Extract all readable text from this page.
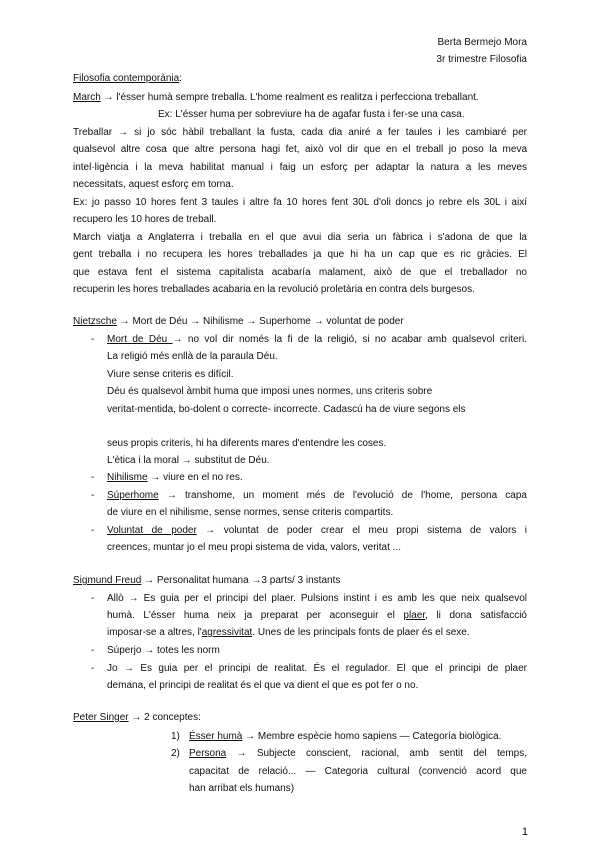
Berta Bermejo Mora
3r trimestre Filosofia
Filosofia contemporània:
March → l'ésser humà sempre treballa. L'home realment es realitza i perfecciona treballant.
Ex: L'ésser huma per sobreviure ha de agafar fusta i fer-se una casa.
Treballar → si jo sóc hàbil treballant la fusta, cada dia aniré a fer taules i les cambiaré per
qualsevol altre cosa que altre persona hagi fet, això vol dir que en el treball jo poso la meva
intel·ligència i la meva habilitat manual i faig un esforç per adaptar la natura a les meves
necessitats, aquest esforç em torna.
Ex: jo passo 10 hores fent 3 taules i altre fa 10 hores fent 30L d'oli doncs jo rebre els 30L i així
recupero les 10 hores de treball.
March viatja a Anglaterra i treballa en el que avui dia seria un fàbrica i s'adona de que la
gent treballa i no recupera les hores treballades ja que hi ha un cap que es ric gràcies. El
que estava fent el sistema capitalista acabaría malament, això de que el treballador no
recuperin les hores treballades acabaria en la revolució proletària en contra dels burgesos.
Nietzsche → Mort de Déu → Nihilisme → Superhome → voluntat de poder
Mort de Déu → no vol dir només la fi de la religió, si no acabar amb qualsevol criteri.
-
La religió més enllà de la paraula Déu.
Viure sense criteris es difícil.
Déu és qualsevol àmbit huma que imposi unes normes, uns criteris sobre
veritat-mentida, bo-dolent o correcte- incorrecte. Cadascú ha de viure segons els
seus propis criteris, hi ha diferents mares d'entendre les coses.
L'ètica i la moral → substitut de Déu.
Nihilisme → viure en el no res.
-
Súperhome → transhome, un moment més de l'evolució de l'home, persona capa
-
de viure en el nihilisme, sense normes, sense criteris compartits.
Voluntat de poder → voluntat de poder crear el meu propi sistema de valors i
-
creences, muntar jo el meu propi sistema de vida, valors, veritat ...
Sigmund Freud → Personalitat humana →3 parts/ 3 instants
Allò → Es guia per el principi del plaer. Pulsions instint i es amb les que neix qualsevol
-
humà. L'ésser huma neix ja preparat per aconseguir el plaer, li dona satisfacció
imposar-se a altres, l'agressivitat. Unes de les principals fonts de plaer és el sexe.
Súperjo → totes les norm
-
Jo → Es guia per el principi de realitat. És el regulador. El que el principi de plaer
-
demana, el principi de realitat és el que va dient el que es pot fer o no.
Peter Singer → 2 conceptes:
Ésser humà → Membre espècie homo sapiens — Categoría biològica.
1)
Persona → Subjecte conscient, racional, amb sentit del temps,
2)
capacitat de relació... — Categoria cultural (convenció acord que
han arribat els humans)
1
